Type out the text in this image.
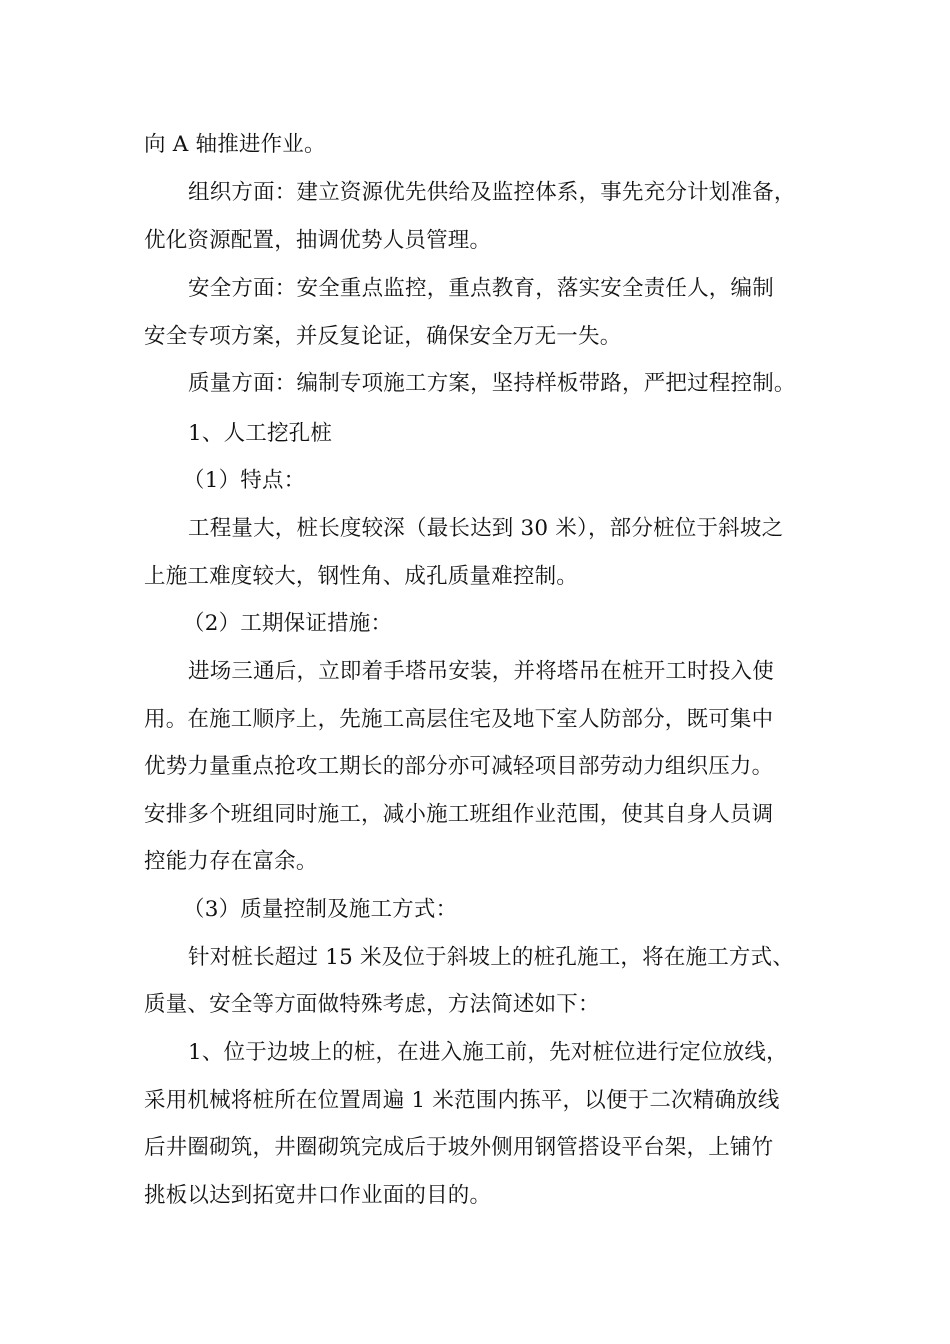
向 A 轴推进作业。
组织方面：建立资源优先供给及监控体系，事先充分计划准备，
优化资源配置，抽调优势人员管理。
安全方面：安全重点监控，重点教育，落实安全责任人，编制
安全专项方案，并反复论证，确保安全万无一失。
质量方面：编制专项施工方案，坚持样板带路，严把过程控制。
1、人工挖孔桩
（1）特点：
工程量大，桩长度较深（最长达到 30 米），部分桩位于斜坡之
上施工难度较大，钢性角、成孔质量难控制。
（2）工期保证措施：
进场三通后，立即着手塔吊安装，并将塔吊在桩开工时投入使
用。在施工顺序上，先施工高层住宅及地下室人防部分，既可集中
优势力量重点抢攻工期长的部分亦可减轻项目部劳动力组织压力。
安排多个班组同时施工，减小施工班组作业范围，使其自身人员调
控能力存在富余。
（3）质量控制及施工方式：
针对桩长超过 15 米及位于斜坡上的桩孔施工，将在施工方式、
质量、安全等方面做特殊考虑，方法简述如下：
1、位于边坡上的桩，在进入施工前，先对桩位进行定位放线，
采用机械将桩所在位置周遍 1 米范围内拣平，以便于二次精确放线
后井圈砌筑，井圈砌筑完成后于坡外侧用钢管搭设平台架，上铺竹
挑板以达到拓宽井口作业面的目的。
